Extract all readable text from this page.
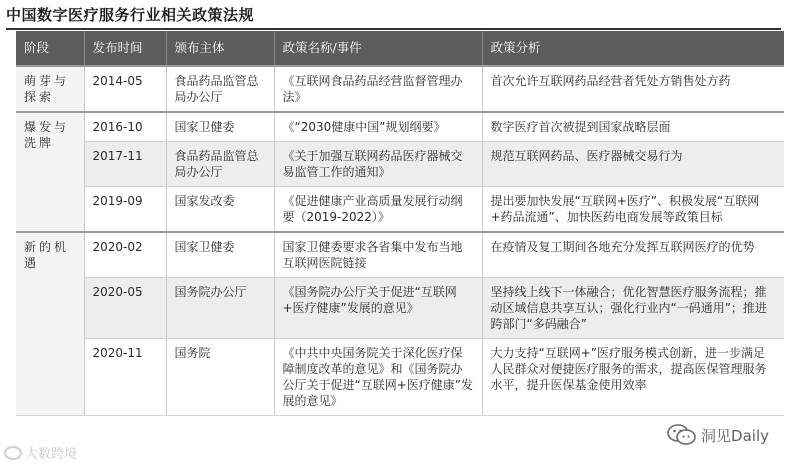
中国数字医疗服务行业相关政策法规
阶段	发布时间	颁布主体	政策名称/事件	政策分析
萌芽与探索	2014-05	食品药品监管总局办公厅	《互联网食品药品经营监督管理办法》	首次允许互联网药品经营者凭处方销售处方药
爆发与洗牌	2016-10	国家卫健委	《“2030健康中国”规划纲要》	数字医疗首次被提到国家战略层面
	2017-11	食品药品监管总局办公厅	《关于加强互联网药品医疗器械交易监管工作的通知》	规范互联网药品、医疗器械交易行为
	2019-09	国家发改委	《促进健康产业高质量发展行动纲要（2019-2022）》	提出要加快发展“互联网+医疗”、积极发展“互联网+药品流通”、加快医药电商发展等政策目标
新的机遇	2020-02	国家卫健委	国家卫健委要求各省集中发布当地互联网医院链接	在疫情及复工期间各地充分发挥互联网医疗的优势
	2020-05	国务院办公厅	《国务院办公厅关于促进“互联网+医疗健康”发展的意见》	坚持线上线下一体融合；优化智慧医疗服务流程；推动区域信息共享互认；强化行业内“一码通用”；推进跨部门“多码融合”
	2020-11	国务院	《中共中央国务院关于深化医疗保障制度改革的意见》和《国务院办公厅关于促进“互联网+医疗健康”发展的意见》	大力支持“互联网+”医疗服务模式创新，进一步满足人民群众对便捷医疗服务的需求，提高医保管理服务水平，提升医保基金使用效率
大数跨境
洞见Daily
